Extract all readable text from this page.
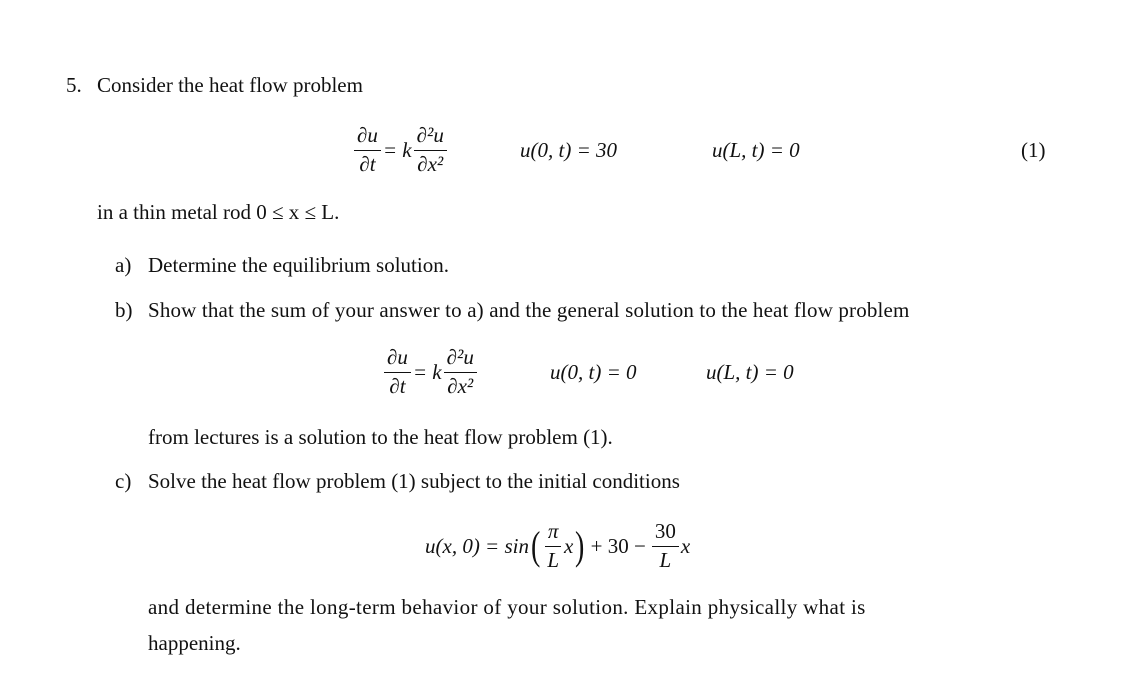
5. Consider the heat flow problem
$\frac{\partial u}{\partial t} = k \frac{\text{∂²u}}{\text{∂x²}}$	u(0, t) = 30	u(L, t) = 0	(1)
in a thin metal rod 0 ≤ x ≤ L.
a) Determine the equilibrium solution.
b) Show that the sum of your answer to a) and the general solution to the heat flow problem
$\frac{\partial u}{\partial t} = k \frac{\text{∂²u}}{\text{∂x²}}$	u(0, t) = 0	u(L, t) = 0
from lectures is a solution to the heat flow problem (1).
c) Solve the heat flow problem (1) subject to the initial conditions
u(x, 0) = sin ( $\frac{\pi}{L}$ x ) + $30 - \frac{30}{L}$ x
and determine the long-term behavior of your solution. Explain physically what is
happening.
